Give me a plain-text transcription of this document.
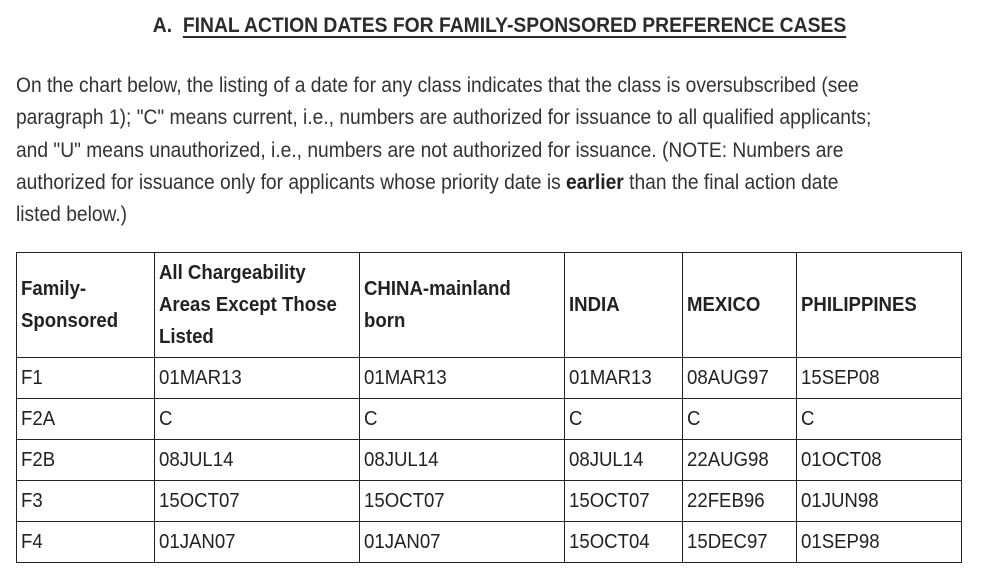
A. FINAL ACTION DATES FOR FAMILY-SPONSORED PREFERENCE CASES
On the chart below, the listing of a date for any class indicates that the class is oversubscribed (see
paragraph 1); "C" means current, i.e., numbers are authorized for issuance to all qualified applicants;
and "U" means unauthorized, i.e., numbers are not authorized for issuance. (NOTE: Numbers are
authorized for issuance only for applicants whose priority date is earlier than the final action date
listed below.)
Family-Sponsored	All Chargeability Areas Except Those Listed	CHINA-mainland born	INDIA	MEXICO	PHILIPPINES
F1	01MAR13	01MAR13	01MAR13	08AUG97	15SEP08
F2A	C	C	C	C	C
F2B	08JUL14	08JUL14	08JUL14	22AUG98	01OCT08
F3	15OCT07	15OCT07	15OCT07	22FEB96	01JUN98
F4	01JAN07	01JAN07	15OCT04	15DEC97	01SEP98
